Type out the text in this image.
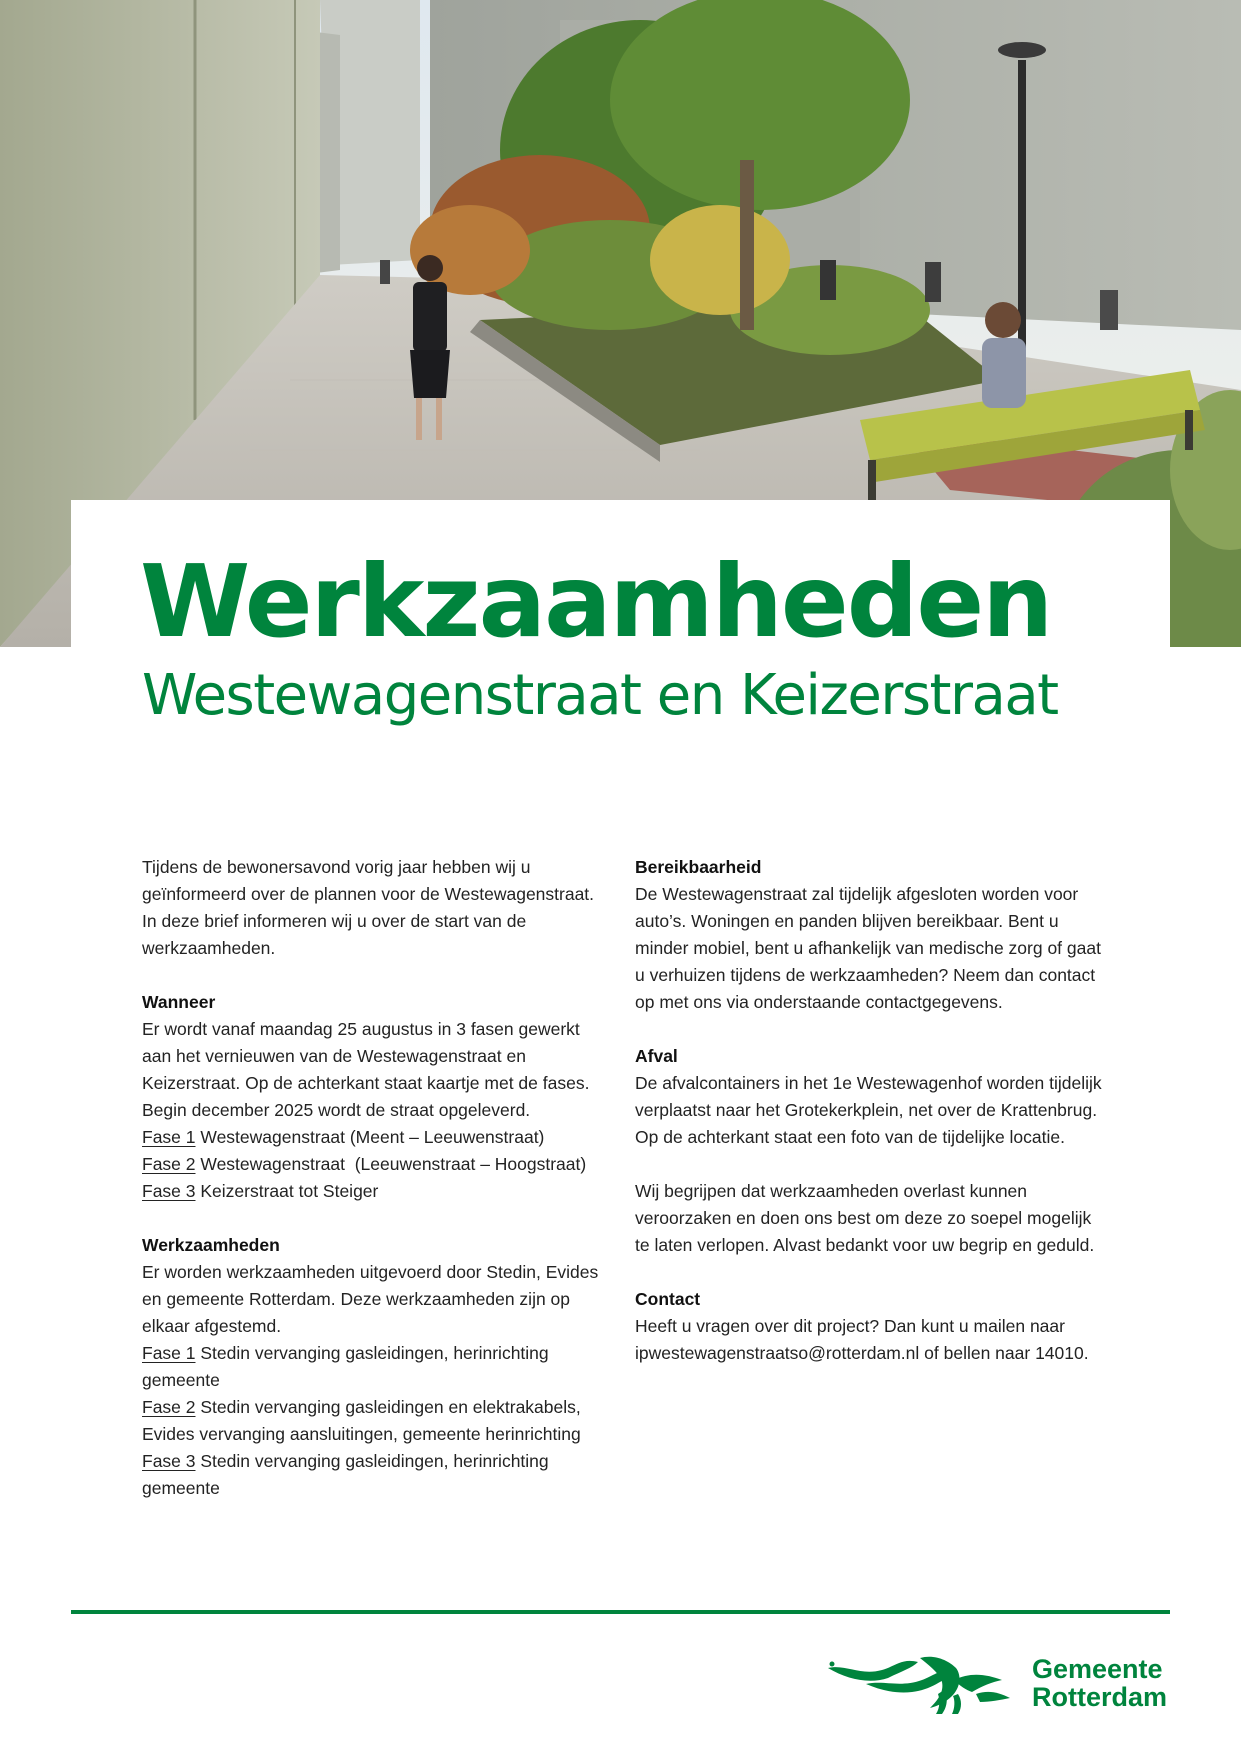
Werkzaamheden
Westewagenstraat en Keizerstraat

Tijdens de bewonersavond vorig jaar hebben wij u geïnformeerd over de plannen voor de Westewagenstraat. In deze brief informeren wij u over de start van de werkzaamheden.

Wanneer
Er wordt vanaf maandag 25 augustus in 3 fasen gewerkt aan het vernieuwen van de Westewagenstraat en Keizerstraat. Op de achterkant staat kaartje met de fases. Begin december 2025 wordt de straat opgeleverd.
Fase 1 Westewagenstraat (Meent – Leeuwenstraat)
Fase 2 Westewagenstraat  (Leeuwenstraat – Hoogstraat)
Fase 3 Keizerstraat tot Steiger
Werkzaamheden
Er worden werkzaamheden uitgevoerd door Stedin, Evides en gemeente Rotterdam. Deze werkzaamheden zijn op elkaar afgestemd.
Fase 1 Stedin vervanging gasleidingen, herinrichting gemeente
Fase 2 Stedin vervanging gasleidingen en elektrakabels, Evides vervanging aansluitingen, gemeente herinrichting
Fase 3 Stedin vervanging gasleidingen, herinrichting gemeente
Bereikbaarheid

De Westewagenstraat zal tijdelijk afgesloten worden voor auto’s. Woningen en panden blijven bereikbaar. Bent u minder mobiel, bent u afhankelijk van medische zorg of gaat u verhuizen tijdens de werkzaamheden? Neem dan contact op met ons via onderstaande contactgegevens.

Afval

De afvalcontainers in het 1e Westewagenhof worden tijdelijk verplaatst naar het Grotekerkplein, net over de Krattenbrug. Op de achterkant staat een foto van de tijdelijke locatie.

Wij begrijpen dat werkzaamheden overlast kunnen veroorzaken en doen ons best om deze zo soepel mogelijk te laten verlopen. Alvast bedankt voor uw begrip en geduld.

Contact

Heeft u vragen over dit project? Dan kunt u mailen naar ipwestewagenstraatso@rotterdam.nl of bellen naar 14010.

Gemeente
Rotterdam
